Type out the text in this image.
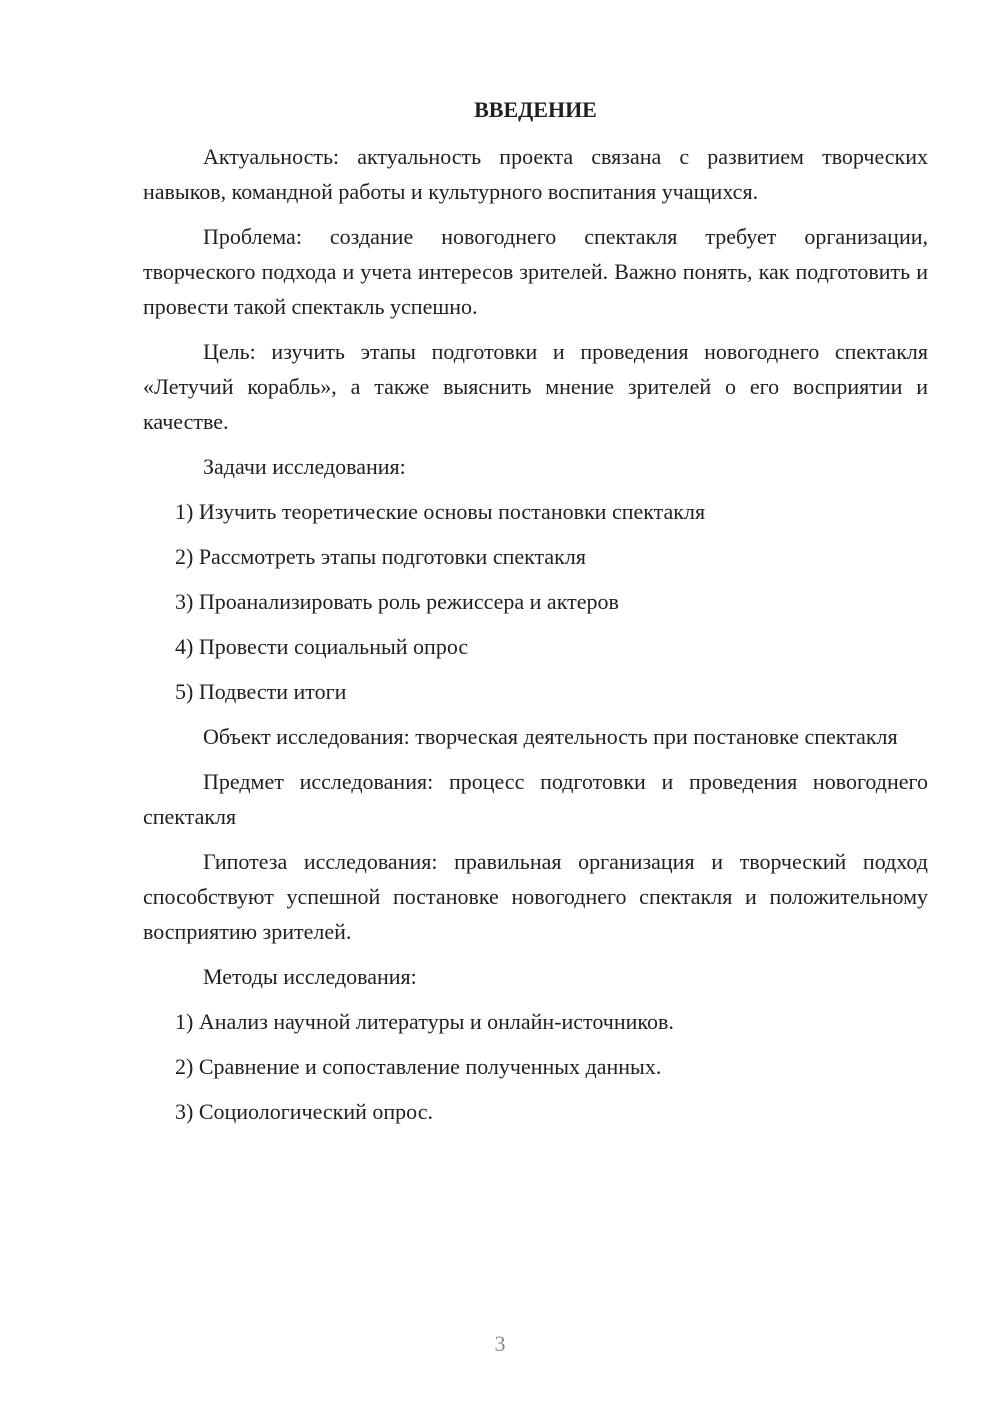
ВВЕДЕНИЕ
Актуальность: актуальность проекта связана с развитием творческих навыков, командной работы и культурного воспитания учащихся.
Проблема: создание новогоднего спектакля требует организации, творческого подхода и учета интересов зрителей. Важно понять, как подготовить и провести такой спектакль успешно.
Цель: изучить этапы подготовки и проведения новогоднего спектакля «Летучий корабль», а также выяснить мнение зрителей о его восприятии и качестве.
Задачи исследования:
1) Изучить теоретические основы постановки спектакля
2) Рассмотреть этапы подготовки спектакля
3) Проанализировать роль режиссера и актеров
4) Провести социальный опрос
5) Подвести итоги
Объект исследования: творческая деятельность при постановке спектакля
Предмет исследования: процесс подготовки и проведения новогоднего спектакля
Гипотеза исследования: правильная организация и творческий подход способствуют успешной постановке новогоднего спектакля и положительному восприятию зрителей.
Методы исследования:
1) Анализ научной литературы и онлайн-источников.
2) Сравнение и сопоставление полученных данных.
3) Социологический опрос.
3
